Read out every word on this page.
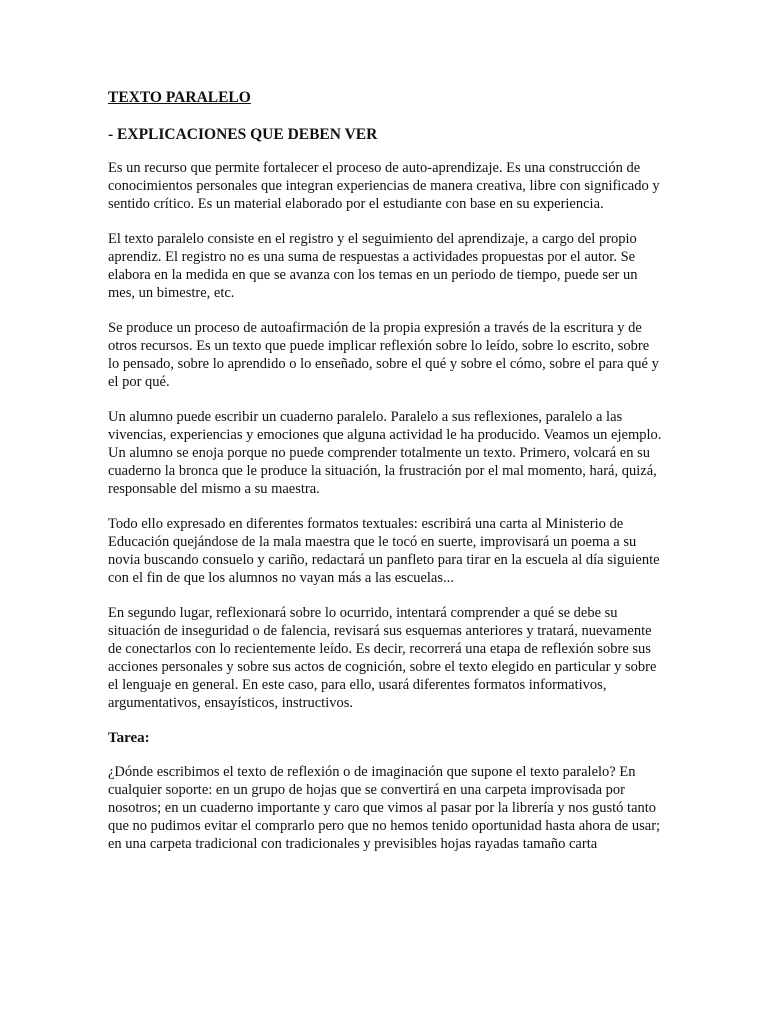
TEXTO PARALELO
- EXPLICACIONES QUE DEBEN VER

Es un recurso que permite fortalecer el proceso de auto-aprendizaje. Es una construcción de conocimientos personales que integran experiencias de manera creativa, libre con significado y sentido crítico. Es un material elaborado por el estudiante con base en su experiencia.

El texto paralelo consiste en el registro y el seguimiento del aprendizaje, a cargo del propio aprendiz. El registro no es una suma de respuestas a actividades propuestas por el autor. Se elabora en la medida en que se avanza con los temas en un periodo de tiempo, puede ser un mes, un bimestre, etc.

Se produce un proceso de autoafirmación de la propia expresión a través de la escritura y de otros recursos. Es un texto que puede implicar reflexión sobre lo leído, sobre lo escrito, sobre lo pensado, sobre lo aprendido o lo enseñado, sobre el qué y sobre el cómo, sobre el para qué y el por qué.

Un alumno puede escribir un cuaderno paralelo. Paralelo a sus reflexiones, paralelo a las vivencias, experiencias y emociones que alguna actividad le ha producido. Veamos un ejemplo. Un alumno se enoja porque no puede comprender totalmente un texto. Primero, volcará en su cuaderno la bronca que le produce la situación, la frustración por el mal momento, hará, quizá, responsable del mismo a su maestra.

Todo ello expresado en diferentes formatos textuales: escribirá una carta al Ministerio de Educación quejándose de la mala maestra que le tocó en suerte, improvisará un poema a su novia buscando consuelo y cariño, redactará un panfleto para tirar en la escuela al día siguiente con el fin de que los alumnos no vayan más a las escuelas...

En segundo lugar, reflexionará sobre lo ocurrido, intentará comprender a qué se debe su situación de inseguridad o de falencia, revisará sus esquemas anteriores y tratará, nuevamente de conectarlos con lo recientemente leído. Es decir, recorrerá una etapa de reflexión sobre sus acciones personales y sobre sus actos de cognición, sobre el texto elegido en particular y sobre el lenguaje en general. En este caso, para ello, usará diferentes formatos informativos, argumentativos, ensayísticos, instructivos.

Tarea:

¿Dónde escribimos el texto de reflexión o de imaginación que supone el texto paralelo? En cualquier soporte: en un grupo de hojas que se convertirá en una carpeta improvisada por nosotros; en un cuaderno importante y caro que vimos al pasar por la librería y nos gustó tanto que no pudimos evitar el comprarlo pero que no hemos tenido oportunidad hasta ahora de usar; en una carpeta tradicional con tradicionales y previsibles hojas rayadas tamaño carta
